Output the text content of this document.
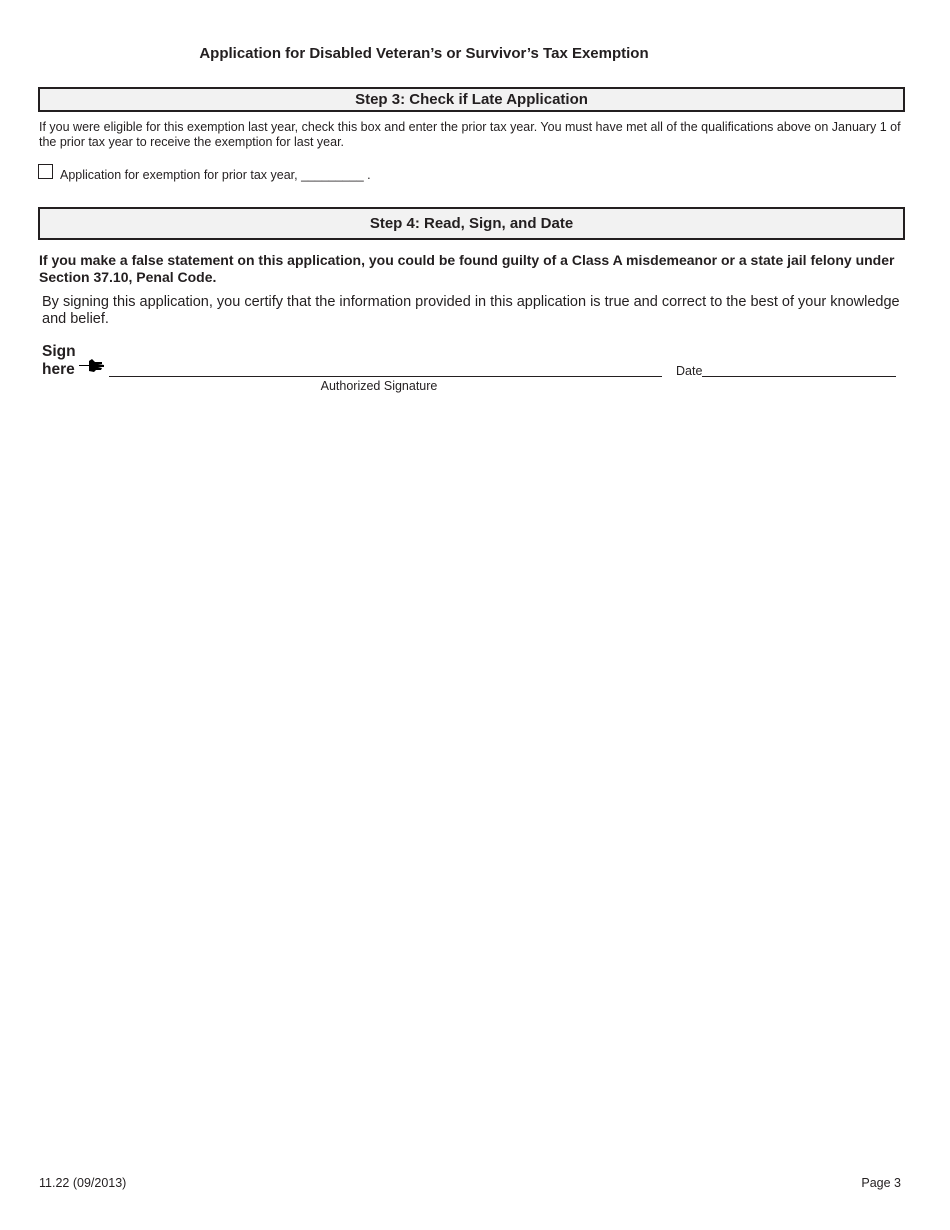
Application for Disabled Veteran’s or Survivor’s Tax Exemption
Step 3: Check if Late Application
If you were eligible for this exemption last year, check this box and enter the prior tax year. You must have met all of the qualifications above on January 1 of the prior tax year to receive the exemption for last year.
Application for exemption for prior tax year, _________ .
Step 4: Read, Sign, and Date
If you make a false statement on this application, you could be found guilty of a Class A misdemeanor or a state jail felony under Section 37.10, Penal Code.
By signing this application, you certify that the information provided in this application is true and correct to the best of your knowledge and belief.
Sign
here
Authorized Signature
Date
11.22 (09/2013)	Page 3
